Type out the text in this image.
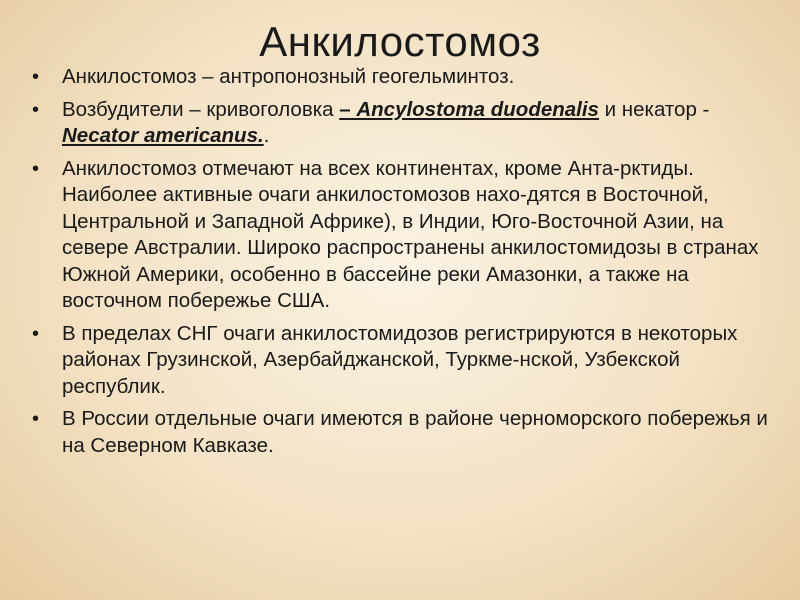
Анкилостомоз
• Анкилостомоз – антропонозный геогельминтоз.
• Возбудители – кривоголовка – Ancylostoma duodenalis и некатор - Necator americanus..
• Анкилостомоз отмечают на всех континентах, кроме Анта-рктиды. Наиболее активные очаги анкилостомозов нахо-дятся в Восточной, Центральной и Западной Африке), в Индии, Юго-Восточной Азии, на севере Австралии. Широко распространены анкилостомидозы в странах Южной Америки, особенно в бассейне реки Амазонки, а также на восточном побережье США.
• В пределах СНГ очаги анкилостомидозов регистрируются в некоторых районах Грузинской, Азербайджанской, Туркме-нской, Узбекской республик.
• В России отдельные очаги имеются в районе черноморского побережья и на Северном Кавказе.
